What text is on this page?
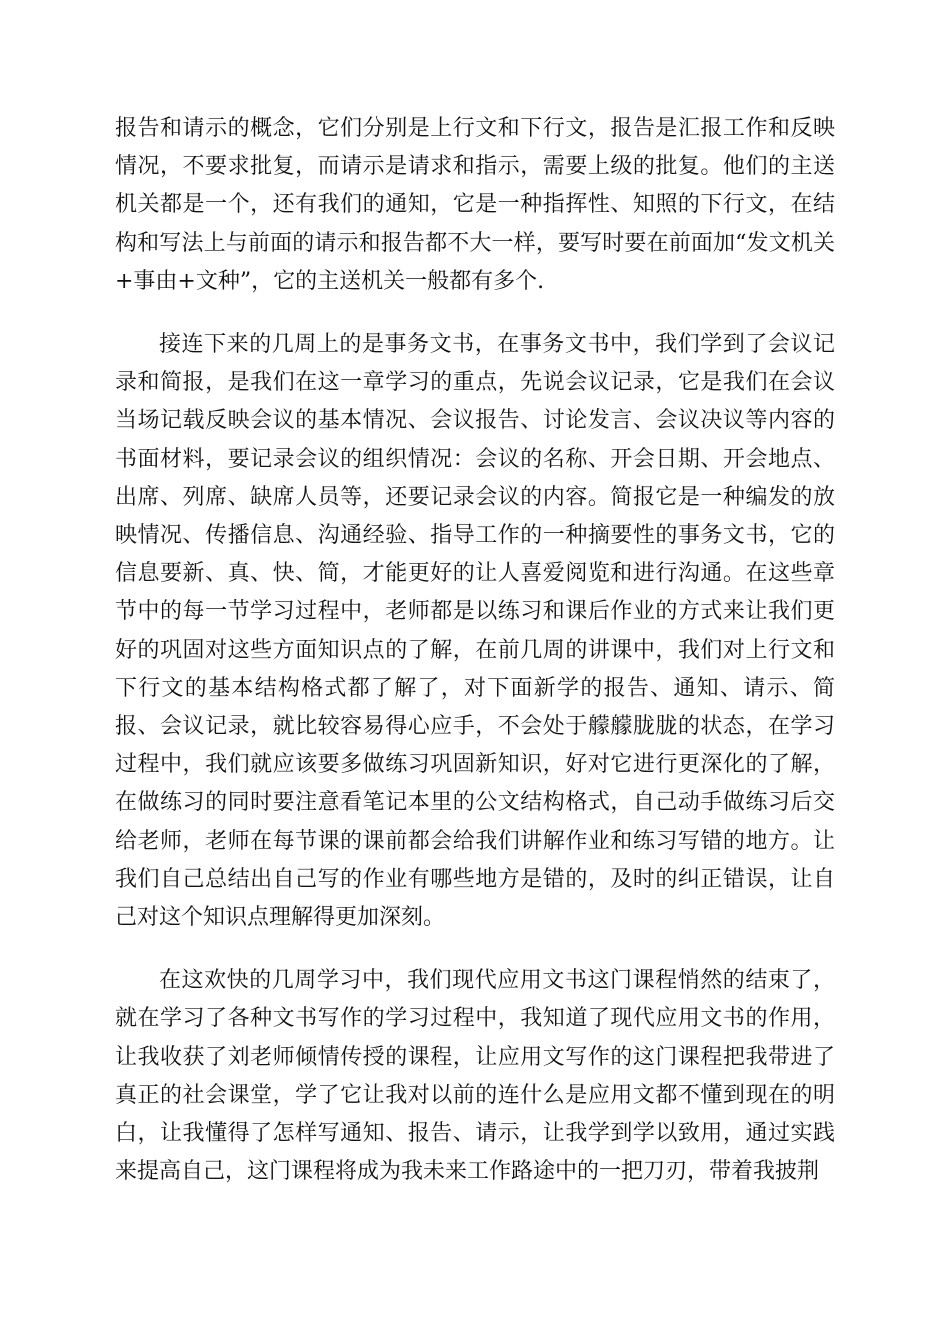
报告和请示的概念，它们分别是上行文和下行文，报告是汇报工作和反映情况，不要求批复，而请示是请求和指示，需要上级的批复。他们的主送机关都是一个，还有我们的通知，它是一种指挥性、知照的下行文，在结构和写法上与前面的请示和报告都不大一样，要写时要在前面加“发文机关+事由+文种”，它的主送机关一般都有多个.

接连下来的几周上的是事务文书，在事务文书中，我们学到了会议记录和简报，是我们在这一章学习的重点，先说会议记录，它是我们在会议当场记载反映会议的基本情况、会议报告、讨论发言、会议决议等内容的书面材料，要记录会议的组织情况：会议的名称、开会日期、开会地点、出席、列席、缺席人员等，还要记录会议的内容。简报它是一种编发的放映情况、传播信息、沟通经验、指导工作的一种摘要性的事务文书，它的信息要新、真、快、简，才能更好的让人喜爱阅览和进行沟通。在这些章节中的每一节学习过程中，老师都是以练习和课后作业的方式来让我们更好的巩固对这些方面知识点的了解，在前几周的讲课中，我们对上行文和下行文的基本结构格式都了解了，对下面新学的报告、通知、请示、简报、会议记录，就比较容易得心应手，不会处于艨艨胧胧的状态，在学习过程中，我们就应该要多做练习巩固新知识，好对它进行更深化的了解，在做练习的同时要注意看笔记本里的公文结构格式，自己动手做练习后交给老师，老师在每节课的课前都会给我们讲解作业和练习写错的地方。让我们自己总结出自己写的作业有哪些地方是错的，及时的纠正错误，让自己对这个知识点理解得更加深刻。

在这欢快的几周学习中，我们现代应用文书这门课程悄然的结束了，就在学习了各种文书写作的学习过程中，我知道了现代应用文书的作用，让我收获了刘老师倾情传授的课程，让应用文写作的这门课程把我带进了真正的社会课堂，学了它让我对以前的连什么是应用文都不懂到现在的明白，让我懂得了怎样写通知、报告、请示，让我学到学以致用，通过实践来提高自己，这门课程将成为我未来工作路途中的一把刀刃，带着我披荆
